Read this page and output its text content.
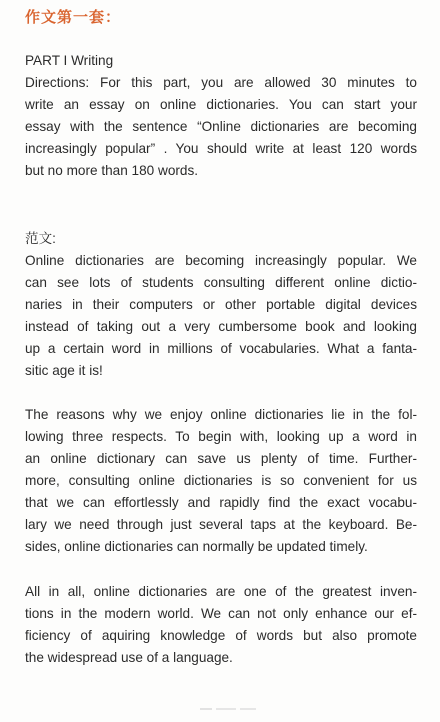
作文第一套：
PART I Writing
Directions: For this part, you are allowed 30 minutes to
write an essay on online dictionaries. You can start your
essay with the sentence “Online dictionaries are becoming
increasingly popular” . You should write at least 120 words
but no more than 180 words.
范文:
Online dictionaries are becoming increasingly popular. We
can see lots of students consulting different online dictio-
naries in their computers or other portable digital devices
instead of taking out a very cumbersome book and looking
up a certain word in millions of vocabularies. What a fanta-
sitic age it is!
The reasons why we enjoy online dictionaries lie in the fol-
lowing three respects. To begin with, looking up a word in
an online dictionary can save us plenty of time. Further-
more, consulting online dictionaries is so convenient for us
that we can effortlessly and rapidly find the exact vocabu-
lary we need through just several taps at the keyboard. Be-
sides, online dictionaries can normally be updated timely.
All in all, online dictionaries are one of the greatest inven-
tions in the modern world. We can not only enhance our ef-
ficiency of aquiring knowledge of words but also promote
the widespread use of a language.
